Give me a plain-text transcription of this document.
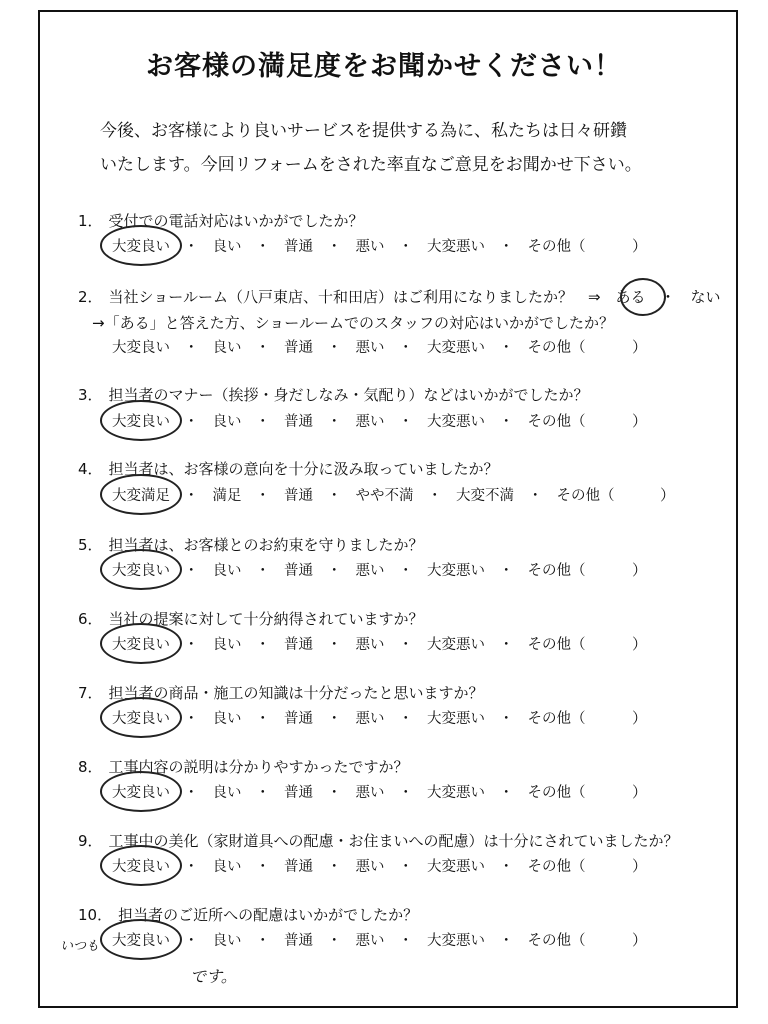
お客様の満足度をお聞かせください！
今後、お客様により良いサービスを提供する為に、私たちは日々研鑽
いたします。今回リフォームをされた率直なご意見をお聞かせ下さい。
1． 受付での電話対応はいかがでしたか？
大変良い ・ 良い ・ 普通 ・ 悪い ・ 大変悪い ・ その他（	）
2． 当社ショールーム（八戸東店、十和田店）はご利用になりましたか？　⇒　ある　・　ない
→「ある」と答えた方、ショールームでのスタッフの対応はいかがでしたか？
大変良い ・ 良い ・ 普通 ・ 悪い ・ 大変悪い ・ その他（	）
3． 担当者のマナー（挨拶・身だしなみ・気配り）などはいかがでしたか？
大変良い ・ 良い ・ 普通 ・ 悪い ・ 大変悪い ・ その他（	）
4． 担当者は、お客様の意向を十分に汲み取っていましたか？
大変満足 ・ 満足 ・ 普通 ・ やや不満 ・ 大変不満 ・ その他（	）
5． 担当者は、お客様とのお約束を守りましたか？
大変良い ・ 良い ・ 普通 ・ 悪い ・ 大変悪い ・ その他（	）
6． 当社の提案に対して十分納得されていますか？
大変良い ・ 良い ・ 普通 ・ 悪い ・ 大変悪い ・ その他（	）
7． 担当者の商品・施工の知識は十分だったと思いますか？
大変良い ・ 良い ・ 普通 ・ 悪い ・ 大変悪い ・ その他（	）
8． 工事内容の説明は分かりやすかったですか？
大変良い ・ 良い ・ 普通 ・ 悪い ・ 大変悪い ・ その他（	）
9． 工事中の美化（家財道具への配慮・お住まいへの配慮）は十分にされていましたか？
大変良い ・ 良い ・ 普通 ・ 悪い ・ 大変悪い ・ その他（	）
10． 担当者のご近所への配慮はいかがでしたか？
大変良い ・ 良い ・ 普通 ・ 悪い ・ 大変悪い ・ その他（	）
いつも
です。
